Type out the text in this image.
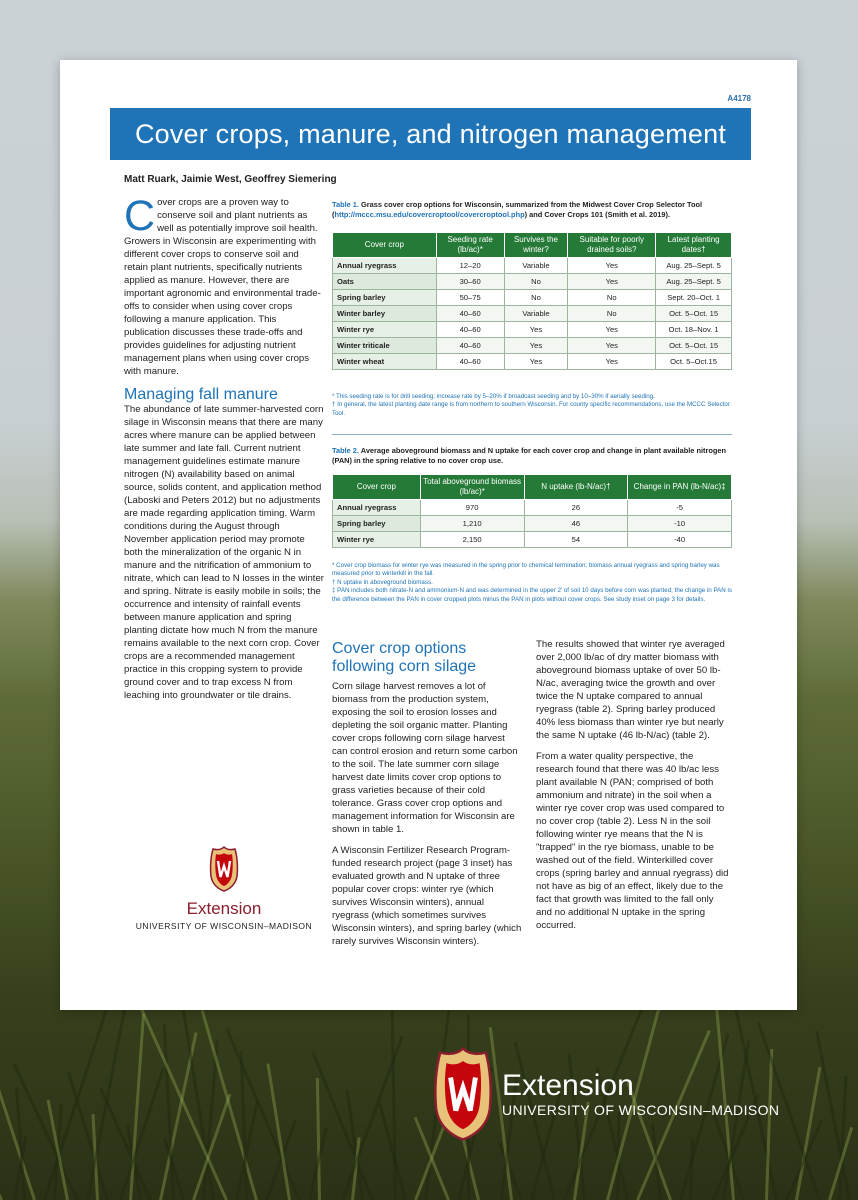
A4178
Cover crops, manure, and nitrogen management
Matt Ruark, Jaimie West, Geoffrey Siemering

Cover crops are a proven way to conserve soil and plant nutrients as well as potentially improve soil health. Growers in Wisconsin are experimenting with different cover crops to conserve soil and retain plant nutrients, specifically nutrients applied as manure. However, there are important agronomic and environmental trade-offs to consider when using cover crops following a manure application. This publication discusses these trade-offs and provides guidelines for adjusting nutrient management plans when using cover crops with manure.

Managing fall manure

The abundance of late summer-harvested corn silage in Wisconsin means that there are many acres where manure can be applied between late summer and late fall. Current nutrient management guidelines estimate manure nitrogen (N) availability based on animal source, solids content, and application method (Laboski and Peters 2012) but no adjustments are made regarding application timing. Warm conditions during the August through November application period may promote both the mineralization of the organic N in manure and the nitrification of ammonium to nitrate, which can lead to N losses in the winter and spring. Nitrate is easily mobile in soils; the occurrence and intensity of rainfall events between manure application and spring planting dictate how much N from the manure remains available to the next corn crop. Cover crops are a recommended management practice in this cropping system to provide ground cover and to trap excess N from leaching into groundwater or tile drains.

Extension
UNIVERSITY OF WISCONSIN–MADISON
Table 1. Grass cover crop options for Wisconsin, summarized from the Midwest Cover Crop Selector Tool (http://mccc.msu.edu/covercroptool/covercroptool.php) and Cover Crops 101 (Smith et al. 2019).
Cover crop	Seeding rate (lb/ac)*	Survives the winter?	Suitable for poorly drained soils?	Latest planting dates†
Annual ryegrass	12–20	Variable	Yes	Aug. 25–Sept. 5
Oats	30–60	No	Yes	Aug. 25–Sept. 5
Spring barley	50–75	No	No	Sept. 20–Oct. 1
Winter barley	40–60	Variable	No	Oct. 5–Oct. 15
Winter rye	40–60	Yes	Yes	Oct. 18–Nov. 1
Winter triticale	40–60	Yes	Yes	Oct. 5–Oct. 15
Winter wheat	40–60	Yes	Yes	Oct. 5–Oct.15
* This seeding rate is for drill seeding; increase rate by 5–20% if broadcast seeding and by 10–30% if aerially seeding.
† In general, the latest planting date range is from northern to southern Wisconsin. For county specific recommendations, use the MCCC Selector Tool.
Table 2. Average aboveground biomass and N uptake for each cover crop and change in plant available nitrogen (PAN) in the spring relative to no cover crop use.
Cover crop	Total aboveground biomass (lb/ac)*	N uptake (lb-N/ac)†	Change in PAN (lb-N/ac)‡
Annual ryegrass	970	26	-5
Spring barley	1,210	46	-10
Winter rye	2,150	54	-40
* Cover crop biomass for winter rye was measured in the spring prior to chemical termination; biomass annual ryegrass and spring barley was measured prior to winterkill in the fall.
† N uptake in aboveground biomass.
‡ PAN includes both nitrate-N and ammonium-N and was determined in the upper 2' of soil 10 days before corn was planted; the change in PAN is the difference between the PAN in cover cropped plots minus the PAN in plots without cover crops. See study inset on page 3 for details.
Cover crop options following corn silage

Corn silage harvest removes a lot of biomass from the production system, exposing the soil to erosion losses and depleting the soil organic matter. Planting cover crops following corn silage harvest can control erosion and return some carbon to the soil. The late summer corn silage harvest date limits cover crop options to grass varieties because of their cold tolerance. Grass cover crop options and management information for Wisconsin are shown in table 1.

A Wisconsin Fertilizer Research Program-funded research project (page 3 inset) has evaluated growth and N uptake of three popular cover crops: winter rye (which survives Wisconsin winters), annual ryegrass (which sometimes survives Wisconsin winters), and spring barley (which rarely survives Wisconsin winters).

The results showed that winter rye averaged over 2,000 lb/ac of dry matter biomass with aboveground biomass uptake of over 50 lb-N/ac, averaging twice the growth and over twice the N uptake compared to annual ryegrass (table 2). Spring barley produced 40% less biomass than winter rye but nearly the same N uptake (46 lb-N/ac) (table 2).

From a water quality perspective, the research found that there was 40 lb/ac less plant available N (PAN; comprised of both ammonium and nitrate) in the soil when a winter rye cover crop was used compared to no cover crop (table 2). Less N in the soil following winter rye means that the N is "trapped" in the rye biomass, unable to be washed out of the field. Winterkilled cover crops (spring barley and annual ryegrass) did not have as big of an effect, likely due to the fact that growth was limited to the fall only and no additional N uptake in the spring occurred.

Extension
UNIVERSITY OF WISCONSIN–MADISON
